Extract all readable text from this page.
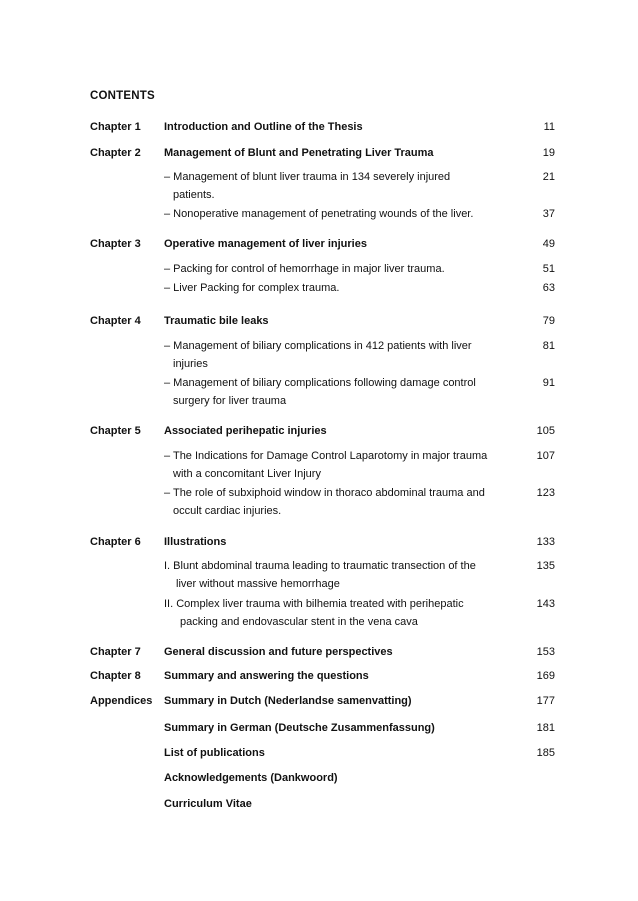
CONTENTS
Chapter 1 Introduction and Outline of the Thesis	11
Chapter 2 Management of Blunt and Penetrating Liver Trauma	19
– Management of blunt liver trauma in 134 severely injured	21
patients.
– Nonoperative management of penetrating wounds of the liver.	37
Chapter 3 Operative management of liver injuries	49
– Packing for control of hemorrhage in major liver trauma.	51
– Liver Packing for complex trauma.	63
Chapter 4 Traumatic bile leaks	79
– Management of biliary complications in 412 patients with liver	81
injuries
– Management of biliary complications following damage control	91
surgery for liver trauma
Chapter 5 Associated perihepatic injuries	105
– The Indications for Damage Control Laparotomy in major trauma	107
with a concomitant Liver Injury
– The role of subxiphoid window in thoraco abdominal trauma and	123
occult cardiac injuries.
Chapter 6 Illustrations	133
I. Blunt abdominal trauma leading to traumatic transection of the	135
liver without massive hemorrhage
II. Complex liver trauma with bilhemia treated with perihepatic	143
packing and endovascular stent in the vena cava
Chapter 7 General discussion and future perspectives	153
Chapter 8 Summary and answering the questions	169
Appendices Summary in Dutch (Nederlandse samenvatting)	177
Summary in German (Deutsche Zusammenfassung)	181
List of publications	185
Acknowledgements (Dankwoord)
Curriculum Vitae
